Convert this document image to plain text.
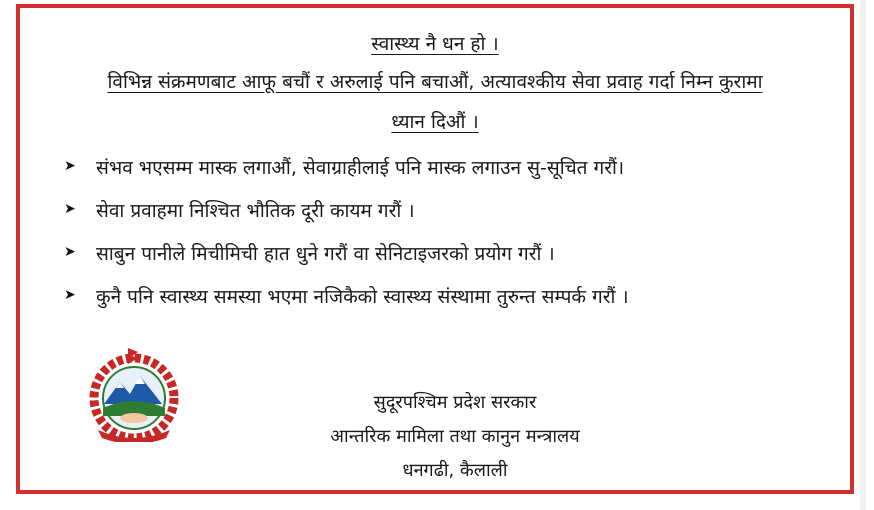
स्वास्थ्य नै धन हो ।
विभिन्न संक्रमणबाट आफू बचौं र अरुलाई पनि बचाऔं, अत्यावश्कीय सेवा प्रवाह गर्दा निम्न कुरामा
ध्यान दिऔं ।
➤	संभव भएसम्म मास्क लगाऔं, सेवाग्राहीलाई पनि मास्क लगाउन सु-सूचित गरौं।
➤	सेवा प्रवाहमा निश्चित भौतिक दूरी कायम गरौं ।
➤	साबुन पानीले मिचीमिची हात धुने गरौं वा सेनिटाइजरको प्रयोग गरौं ।
➤	कुनै पनि स्वास्थ्य समस्या भएमा नजिकैको स्वास्थ्य संस्थामा तुरुन्त सम्पर्क गरौं ।
सुदूरपश्चिम प्रदेश सरकार
आन्तरिक मामिला तथा कानुन मन्त्रालय
धनगढी, कैलाली
